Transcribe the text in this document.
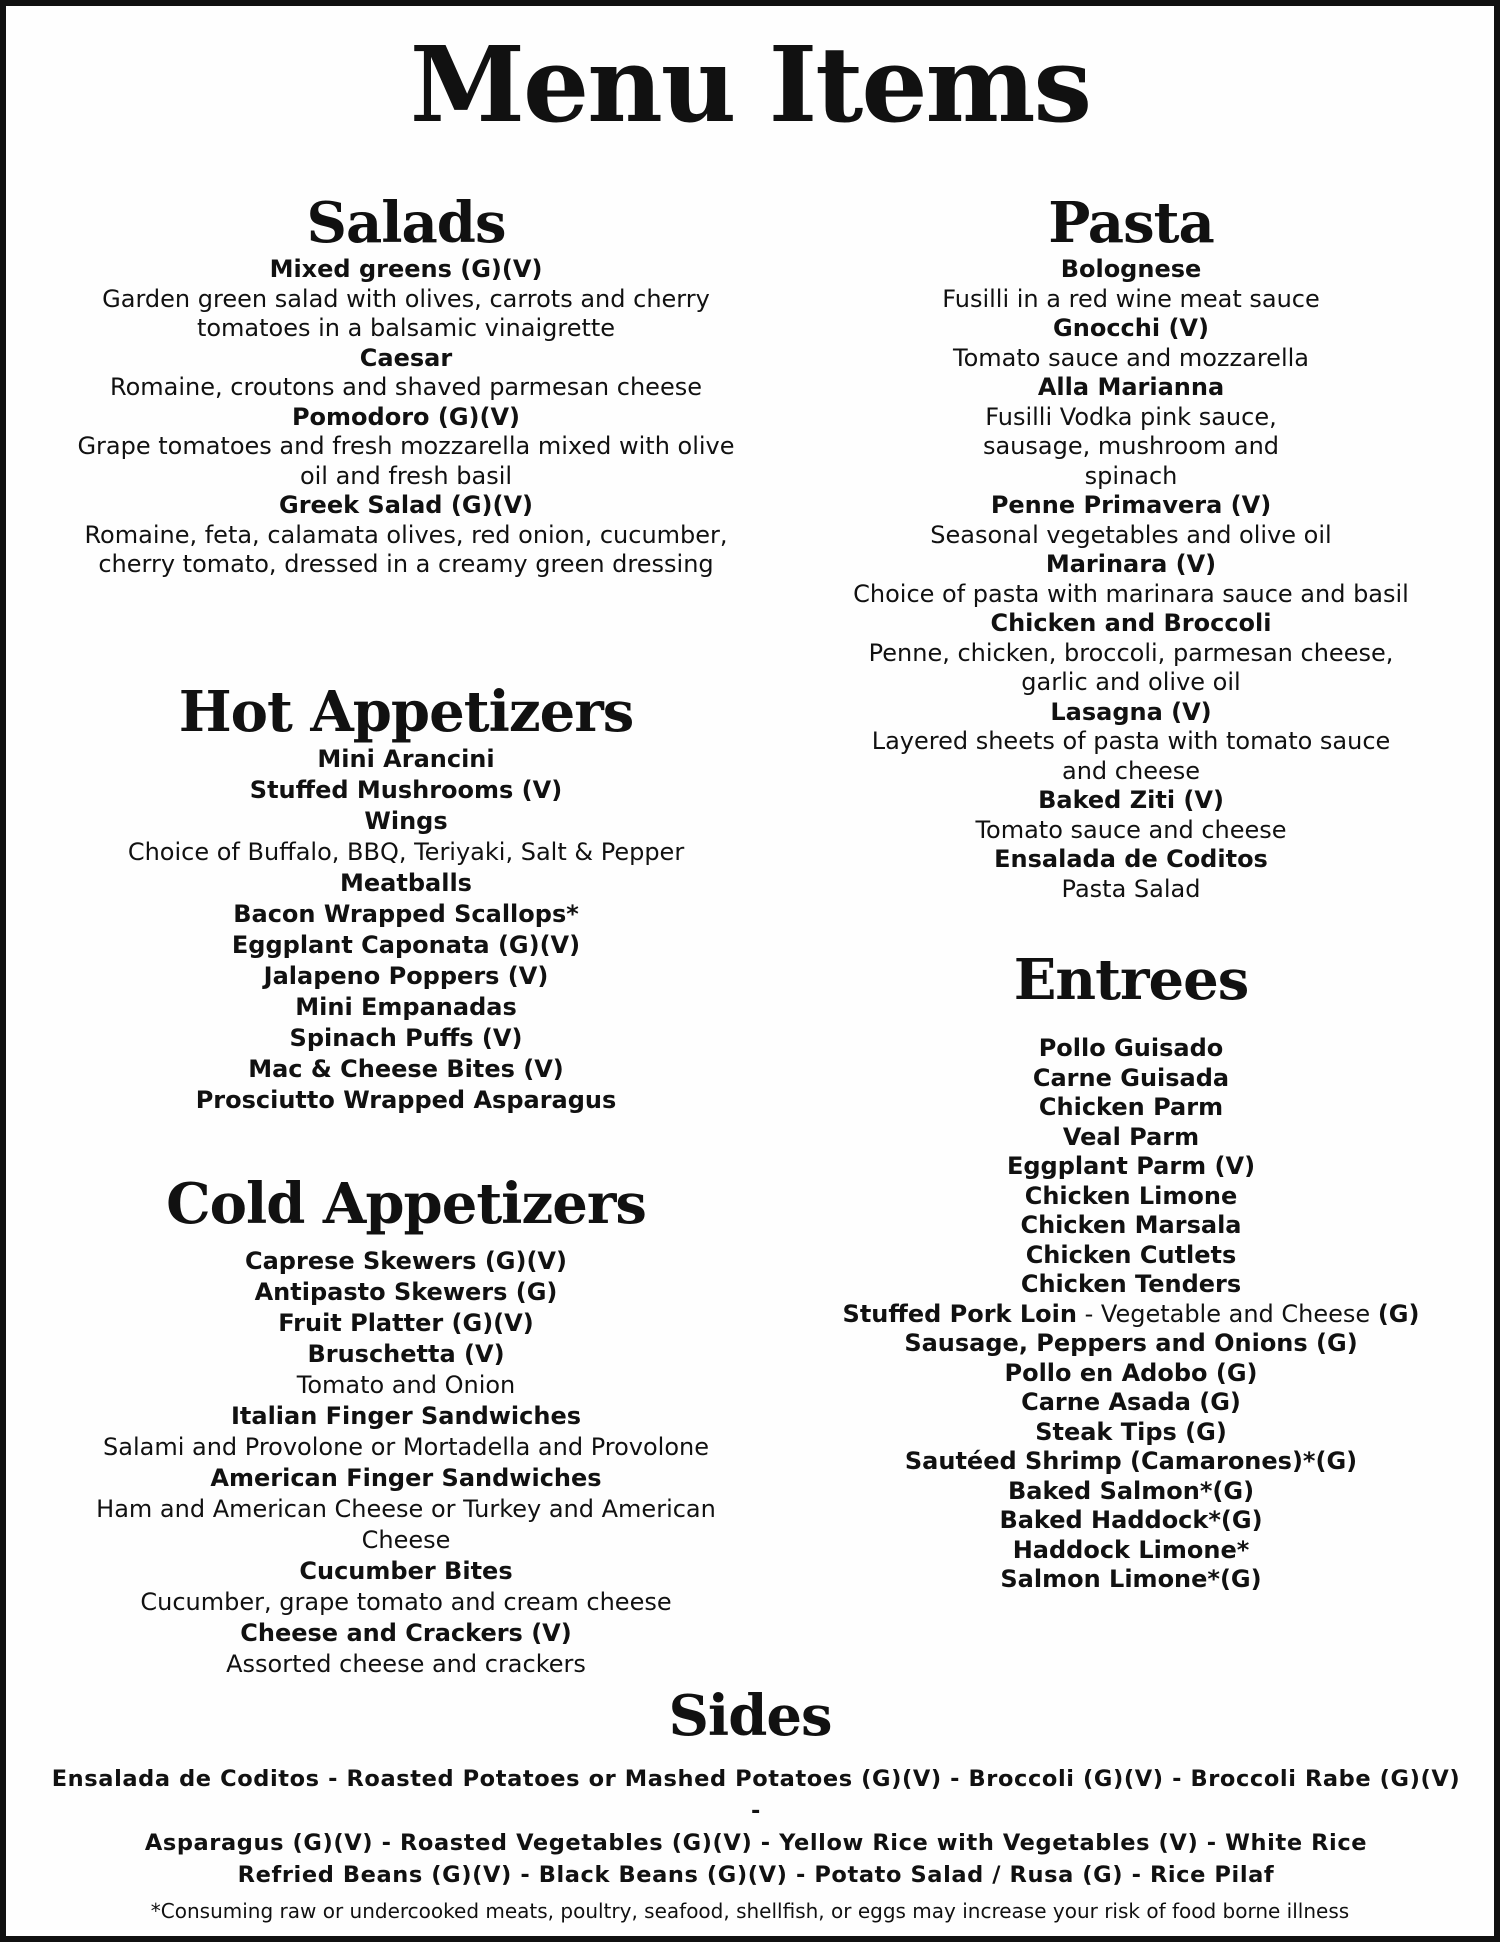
Menu Items
Salads
Mixed greens (G)(V)
Garden green salad with olives, carrots and cherry tomatoes in a balsamic vinaigrette
Caesar
Romaine, croutons and shaved parmesan cheese
Pomodoro (G)(V)
Grape tomatoes and fresh mozzarella mixed with olive oil and fresh basil
Greek Salad (G)(V)
Romaine, feta, calamata olives, red onion, cucumber, cherry tomato, dressed in a creamy green dressing
Hot Appetizers
Mini Arancini
Stuffed Mushrooms (V)
Wings
Choice of Buffalo, BBQ, Teriyaki, Salt & Pepper
Meatballs
Bacon Wrapped Scallops*
Eggplant Caponata (G)(V)
Jalapeno Poppers (V)
Mini Empanadas
Spinach Puffs (V)
Mac & Cheese Bites (V)
Prosciutto Wrapped Asparagus
Cold Appetizers
Caprese Skewers (G)(V)
Antipasto Skewers (G)
Fruit Platter (G)(V)
Bruschetta (V)
Tomato and Onion
Italian Finger Sandwiches
Salami and Provolone or Mortadella and Provolone
American Finger Sandwiches
Ham and American Cheese or Turkey and American Cheese
Cucumber Bites
Cucumber, grape tomato and cream cheese
Cheese and Crackers (V)
Assorted cheese and crackers
Pasta
Bolognese
Fusilli in a red wine meat sauce
Gnocchi (V)
Tomato sauce and mozzarella
Alla Marianna
Fusilli Vodka pink sauce, sausage, mushroom and spinach
Penne Primavera (V)
Seasonal vegetables and olive oil
Marinara (V)
Choice of pasta with marinara sauce and basil
Chicken and Broccoli
Penne, chicken, broccoli, parmesan cheese, garlic and olive oil
Lasagna (V)
Layered sheets of pasta with tomato sauce and cheese
Baked Ziti (V)
Tomato sauce and cheese
Ensalada de Coditos
Pasta Salad
Entrees
Pollo Guisado
Carne Guisada
Chicken Parm
Veal Parm
Eggplant Parm (V)
Chicken Limone
Chicken Marsala
Chicken Cutlets
Chicken Tenders
Stuffed Pork Loin - Vegetable and Cheese (G)
Sausage, Peppers and Onions (G)
Pollo en Adobo (G)
Carne Asada (G)
Steak Tips (G)
Sautéed Shrimp (Camarones)*(G)
Baked Salmon*(G)
Baked Haddock*(G)
Haddock Limone*
Salmon Limone*(G)
Sides
Ensalada de Coditos - Roasted Potatoes or Mashed Potatoes (G)(V) - Broccoli (G)(V) - Broccoli Rabe (G)(V) -
Asparagus (G)(V) - Roasted Vegetables (G)(V) - Yellow Rice with Vegetables (V) - White Rice
Refried Beans (G)(V) - Black Beans (G)(V) - Potato Salad / Rusa (G) - Rice Pilaf
*Consuming raw or undercooked meats, poultry, seafood, shellfish, or eggs may increase your risk of food borne illness
